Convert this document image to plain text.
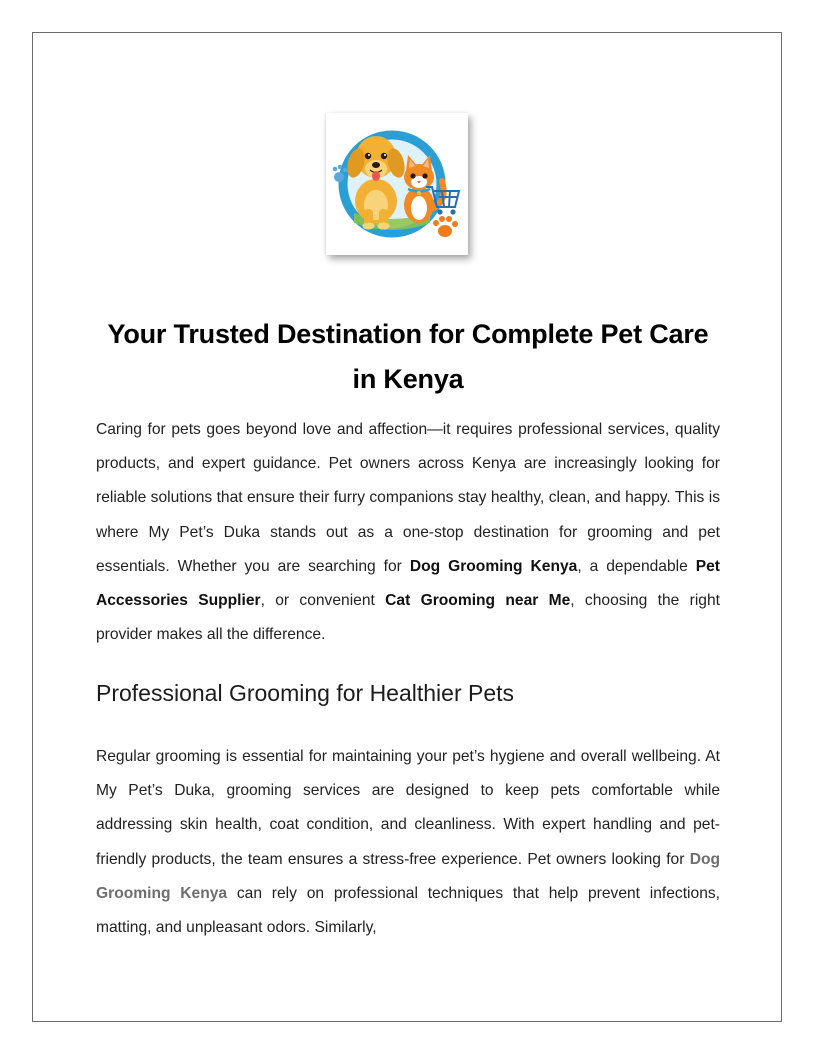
Your Trusted Destination for Complete Pet Care in Kenya

Caring for pets goes beyond love and affection—it requires professional services, quality products, and expert guidance. Pet owners across Kenya are increasingly looking for reliable solutions that ensure their furry companions stay healthy, clean, and happy. This is where My Pet’s Duka stands out as a one-stop destination for grooming and pet essentials. Whether you are searching for Dog Grooming Kenya, a dependable Pet Accessories Supplier, or convenient Cat Grooming near Me, choosing the right provider makes all the difference.

Professional Grooming for Healthier Pets

Regular grooming is essential for maintaining your pet’s hygiene and overall wellbeing. At My Pet’s Duka, grooming services are designed to keep pets comfortable while addressing skin health, coat condition, and cleanliness. With expert handling and pet-friendly products, the team ensures a stress-free experience. Pet owners looking for Dog Grooming Kenya can rely on professional techniques that help prevent infections, matting, and unpleasant odors. Similarly,
